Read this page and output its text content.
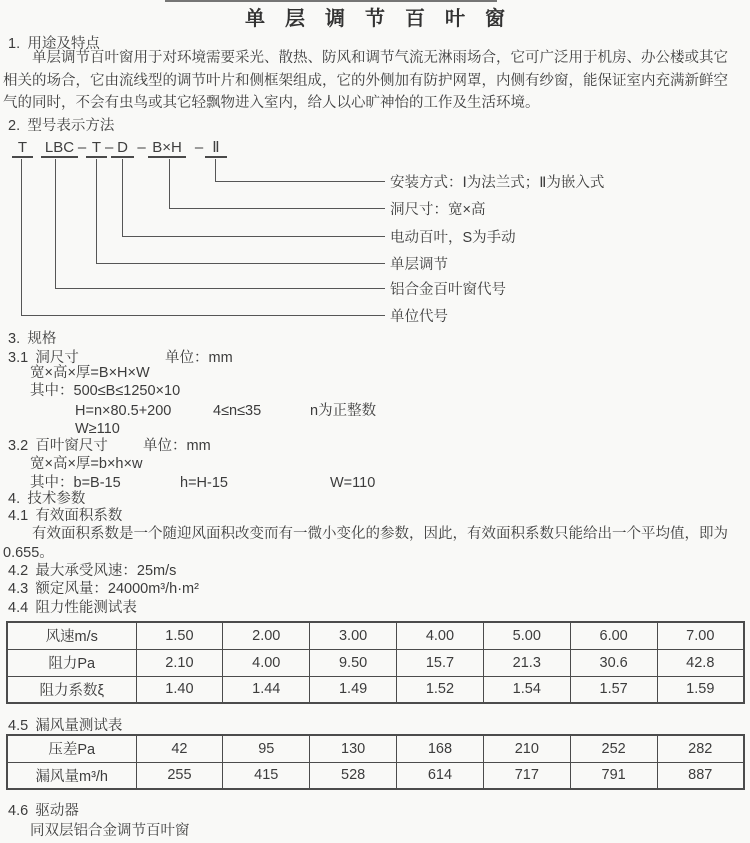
单层调节百叶窗
1. 用途及特点
单层调节百叶窗用于对环境需要采光、散热、防风和调节气流无淋雨场合，它可广泛用于机房、办公楼或其它
相关的场合，它由流线型的调节叶片和侧框架组成，它的外侧加有防护网罩，内侧有纱窗，能保证室内充满新鲜空
气的同时，不会有虫鸟或其它轻飘物进入室内，给人以心旷神怡的工作及生活环境。
2. 型号表示方法
T	LBC – T – D – B×H – Ⅱ
安装方式：Ⅰ为法兰式；Ⅱ为嵌入式
洞尺寸：宽×高
电动百叶，S为手动
单层调节
铝合金百叶窗代号
单位代号
3. 规格
3.1 洞尺寸	单位：mm
宽×高×厚=B×H×W
其中：500≤B≤1250×10
H=n×80.5+200	4≤n≤35	n为正整数
W≥110
3.2 百叶窗尺寸 单位：mm
宽×高×厚=b×h×w
其中：b=B-15	h=H-15	W=110
4. 技术参数
4.1 有效面积系数
有效面积系数是一个随迎风面积改变而有一微小变化的参数，因此，有效面积系数只能给出一个平均值，即为
0.655。
4.2 最大承受风速：25m/s
4.3 额定风量：24000m³/h·m²
4.4 阻力性能测试表
风速m/s	1.50	2.00	3.00	4.00	5.00	6.00	7.00
阻力Pa	2.10	4.00	9.50	15.7	21.3	30.6	42.8
阻力系数ξ	1.40	1.44	1.49	1.52	1.54	1.57	1.59
4.5 漏风量测试表
压差Pa	42	95	130	168	210	252	282
漏风量m³/h	255	415	528	614	717	791	887
4.6 驱动器
同双层铝合金调节百叶窗
